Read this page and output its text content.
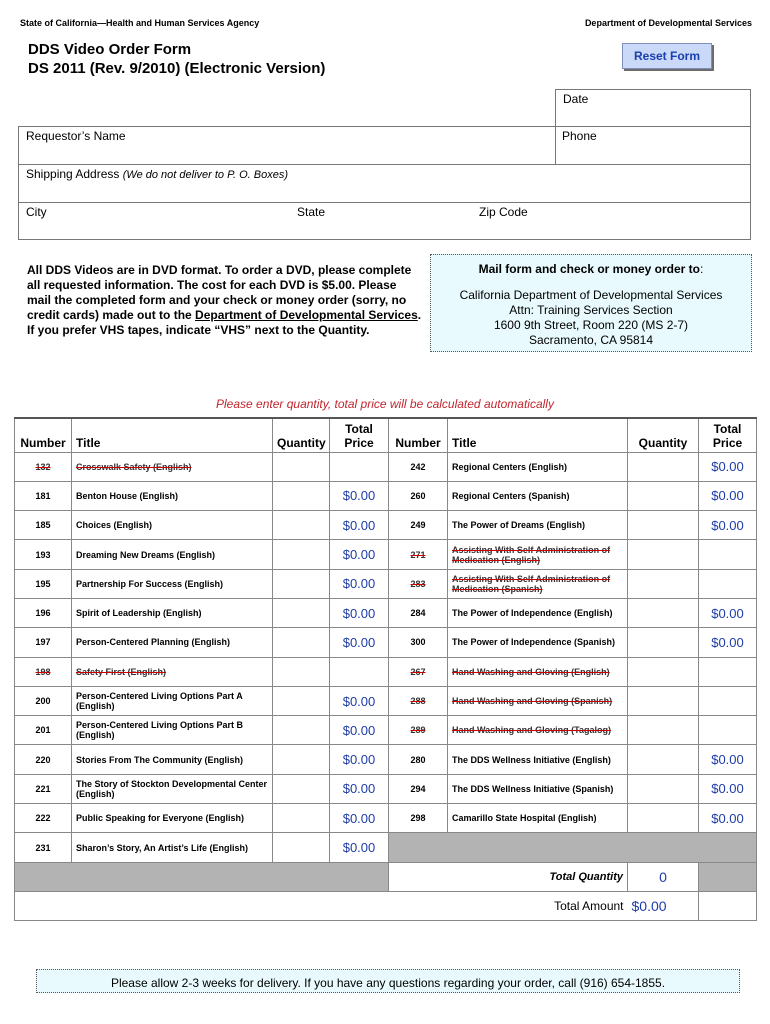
State of California—Health and Human Services Agency	Department of Developmental Services
DDS Video Order Form
DS 2011 (Rev. 9/2010) (Electronic Version)
Reset Form
Date
Requestor’s Name	Phone
Shipping Address (We do not deliver to P. O. Boxes)
City	State	Zip Code
All DDS Videos are in DVD format. To order a DVD, please complete all requested information. The cost for each DVD is $5.00. Please mail the completed form and your check or money order (sorry, no credit cards) made out to the Department of Developmental Services. If you prefer VHS tapes, indicate “VHS” next to the Quantity.
Mail form and check or money order to:
California Department of Developmental Services
Attn: Training Services Section
1600 9th Street, Room 220 (MS 2-7)
Sacramento, CA 95814
Please enter quantity, total price will be calculated automatically
Number	Title	Quantity	Total Price	Number	Title	Quantity	Total Price
132	Crosswalk Safety (English)			242	Regional Centers (English)		$0.00
181	Benton House (English)		$0.00	260	Regional Centers (Spanish)		$0.00
185	Choices (English)		$0.00	249	The Power of Dreams (English)		$0.00
193	Dreaming New Dreams (English)		$0.00	271	Assisting With Self Administration of Medication (English)		
195	Partnership For Success (English)		$0.00	283	Assisting With Self Administration of Medication (Spanish)		
196	Spirit of Leadership (English)		$0.00	284	The Power of Independence (English)		$0.00
197	Person-Centered Planning (English)		$0.00	300	The Power of Independence (Spanish)		$0.00
198	Safety First (English)			267	Hand Washing and Gloving (English)		
200	Person-Centered Living Options Part A (English)		$0.00	288	Hand Washing and Gloving (Spanish)		
201	Person-Centered Living Options Part B (English)		$0.00	289	Hand Washing and Gloving (Tagalog)		
220	Stories From The Community (English)		$0.00	280	The DDS Wellness Initiative (English)		$0.00
221	The Story of Stockton Developmental Center (English)		$0.00	294	The DDS Wellness Initiative (Spanish)		$0.00
222	Public Speaking for Everyone (English)		$0.00	298	Camarillo State Hospital (English)		$0.00
231	Sharon’s Story, An Artist’s Life (English)		$0.00				
				Total Quantity		0	
Total Amount						$0.00	
Please allow 2-3 weeks for delivery. If you have any questions regarding your order, call (916) 654-1855.
